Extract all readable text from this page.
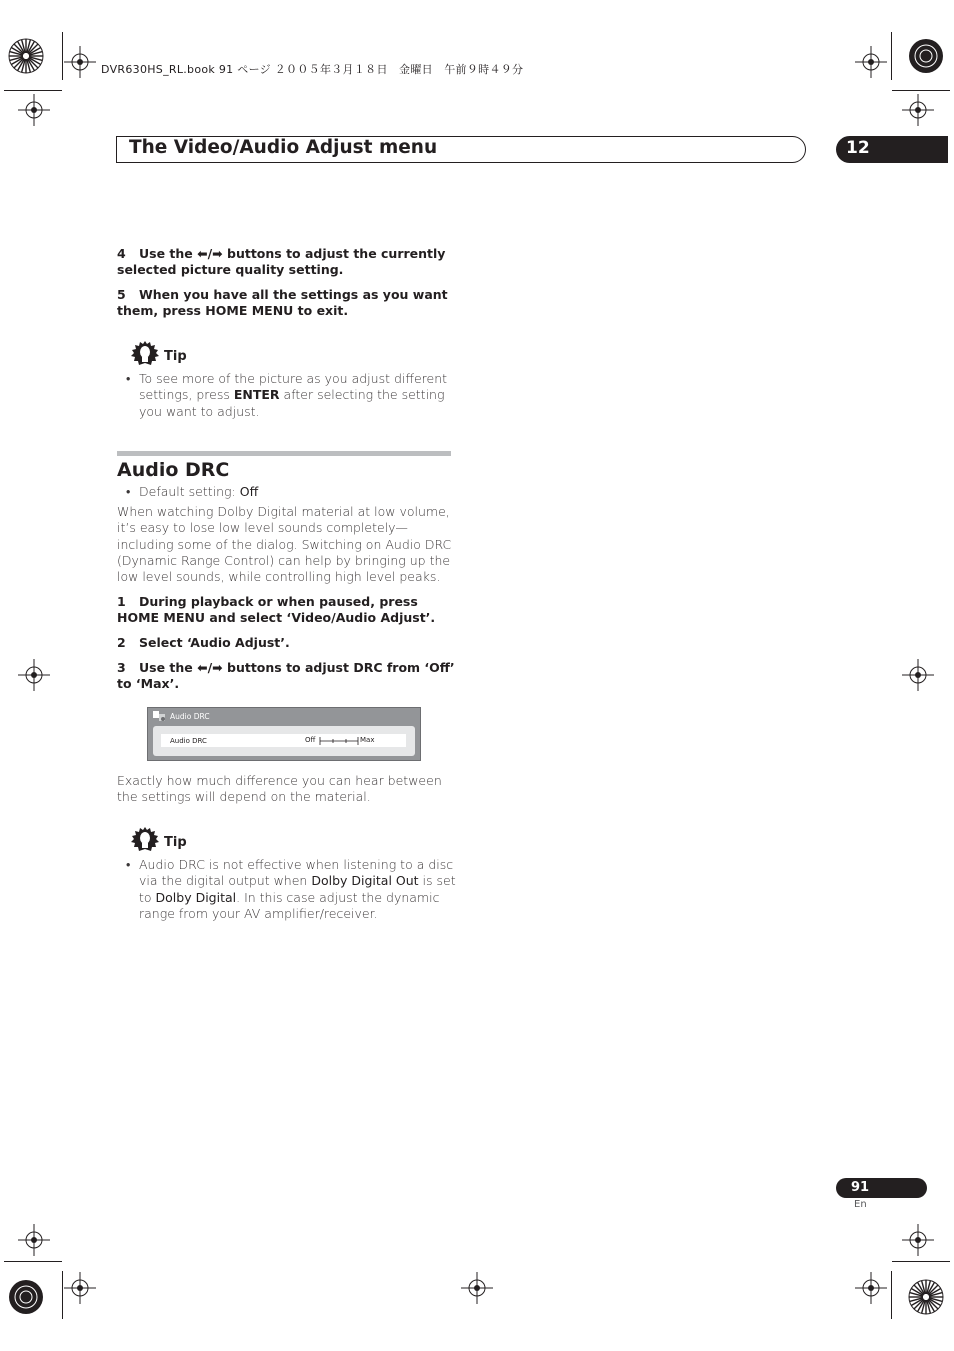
DVR630HS_RL.book 91 ページ ２００５年３月１８日　金曜日　午前９時４９分
The Video/Audio Adjust menu	12
4 Use the ⬅/➡ buttons to adjust the currently selected picture quality setting.
5 When you have all the settings as you want them, press HOME MENU to exit.
Tip
• To see more of the picture as you adjust different settings, press ENTER after selecting the setting you want to adjust.
Audio DRC
• Default setting: Off
When watching Dolby Digital material at low volume, it’s easy to lose low level sounds completely—including some of the dialog. Switching on Audio DRC (Dynamic Range Control) can help by bringing up the low level sounds, while controlling high level peaks.
1 During playback or when paused, press HOME MENU and select ‘Video/Audio Adjust’.
2 Select ‘Audio Adjust’.
3 Use the ⬅/➡ buttons to adjust DRC from ‘Off’ to ‘Max’.
Audio DRC
Audio DRC	Off	Max
Exactly how much difference you can hear between the settings will depend on the material.
Tip
• Audio DRC is not effective when listening to a disc via the digital output when Dolby Digital Out is set to Dolby Digital. In this case adjust the dynamic range from your AV amplifier/receiver.
91
En
